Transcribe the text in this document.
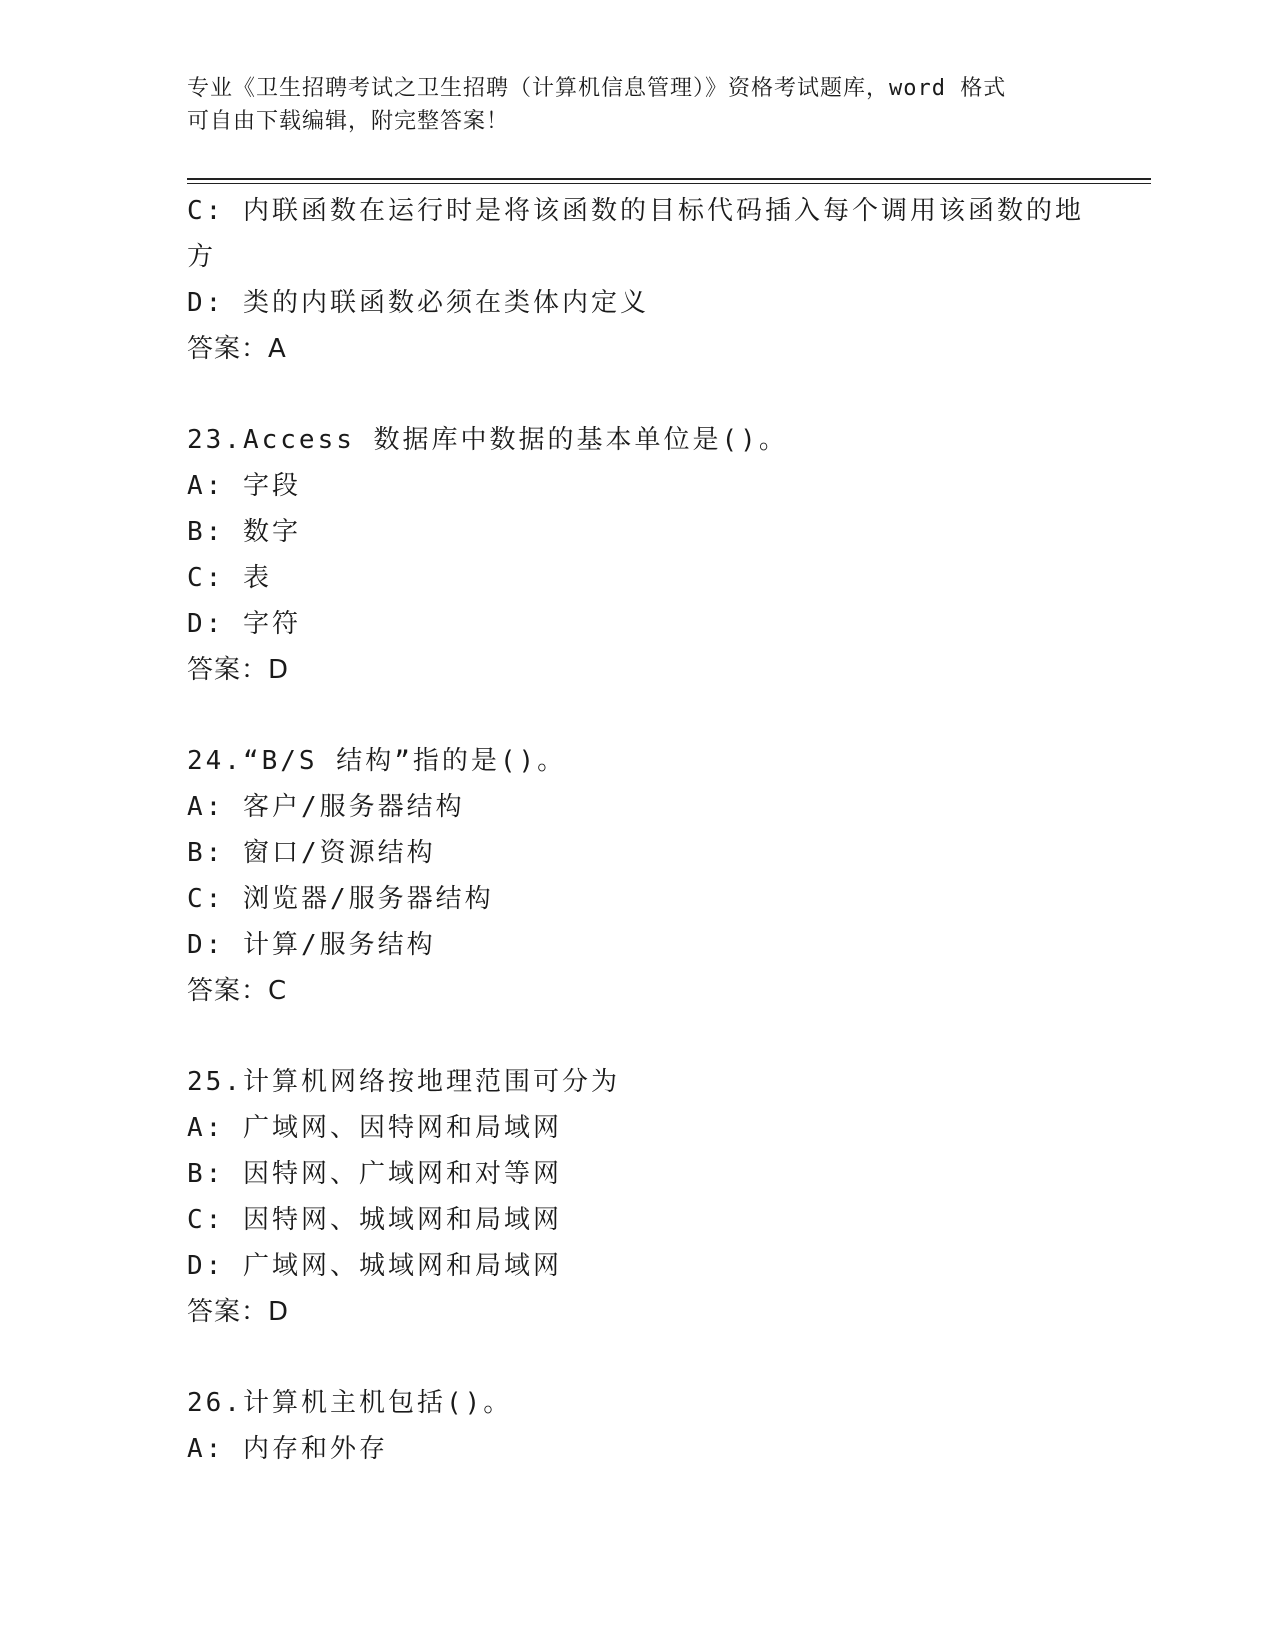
专业《卫生招聘考试之卫生招聘（计算机信息管理）》资格考试题库，word 格式
可自由下载编辑，附完整答案！
C: 内联函数在运行时是将该函数的目标代码插入每个调用该函数的地
方
D: 类的内联函数必须在类体内定义
答案：A
23.Access 数据库中数据的基本单位是()。
A: 字段
B: 数字
C: 表
D: 字符
答案：D
24.“B/S 结构”指的是()。
A: 客户/服务器结构
B: 窗口/资源结构
C: 浏览器/服务器结构
D: 计算/服务结构
答案：C
25.计算机网络按地理范围可分为
A: 广域网、因特网和局域网
B: 因特网、广域网和对等网
C: 因特网、城域网和局域网
D: 广域网、城域网和局域网
答案：D
26.计算机主机包括()。
A: 内存和外存
